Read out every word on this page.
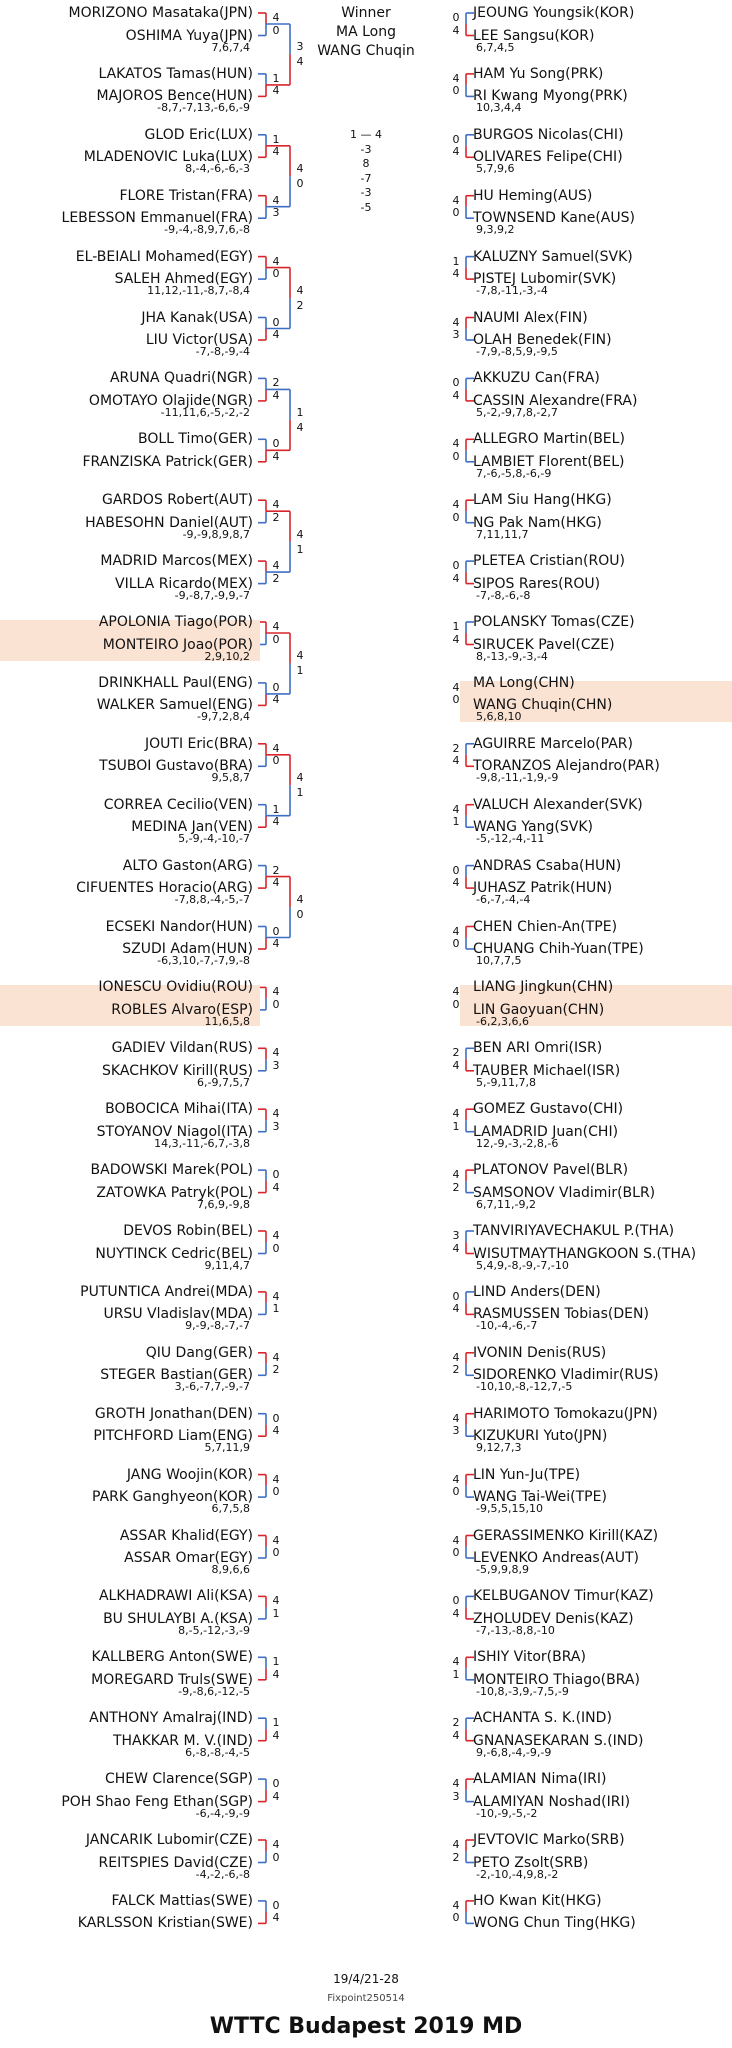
MORIZONO Masataka(JPN)
OSHIMA Yuya(JPN)
LAKATOS Tamas(HUN)
MAJOROS Bence(HUN)
GLOD Eric(LUX)
MLADENOVIC Luka(LUX)
FLORE Tristan(FRA)
LEBESSON Emmanuel(FRA)
EL-BEIALI Mohamed(EGY)
SALEH Ahmed(EGY)
JHA Kanak(USA)
LIU Victor(USA)
ARUNA Quadri(NGR)
OMOTAYO Olajide(NGR)
BOLL Timo(GER)
FRANZISKA Patrick(GER)
GARDOS Robert(AUT)
HABESOHN Daniel(AUT)
MADRID Marcos(MEX)
VILLA Ricardo(MEX)
APOLONIA Tiago(POR)
MONTEIRO Joao(POR)
DRINKHALL Paul(ENG)
WALKER Samuel(ENG)
JOUTI Eric(BRA)
TSUBOI Gustavo(BRA)
CORREA Cecilio(VEN)
MEDINA Jan(VEN)
ALTO Gaston(ARG)
CIFUENTES Horacio(ARG)
ECSEKI Nandor(HUN)
SZUDI Adam(HUN)
IONESCU Ovidiu(ROU)
ROBLES Alvaro(ESP)
GADIEV Vildan(RUS)
SKACHKOV Kirill(RUS)
BOBOCICA Mihai(ITA)
STOYANOV Niagol(ITA)
BADOWSKI Marek(POL)
ZATOWKA Patryk(POL)
DEVOS Robin(BEL)
NUYTINCK Cedric(BEL)
PUTUNTICA Andrei(MDA)
URSU Vladislav(MDA)
QIU Dang(GER)
STEGER Bastian(GER)
GROTH Jonathan(DEN)
PITCHFORD Liam(ENG)
JANG Woojin(KOR)
PARK Ganghyeon(KOR)
ASSAR Khalid(EGY)
ASSAR Omar(EGY)
ALKHADRAWI Ali(KSA)
BU SHULAYBI A.(KSA)
KALLBERG Anton(SWE)
MOREGARD Truls(SWE)
ANTHONY Amalraj(IND)
THAKKAR M. V.(IND)
CHEW Clarence(SGP)
POH Shao Feng Ethan(SGP)
JANCARIK Lubomir(CZE)
REITSPIES David(CZE)
FALCK Mattias(SWE)
KARLSSON Kristian(SWE)
JEOUNG Youngsik(KOR)
LEE Sangsu(KOR)
HAM Yu Song(PRK)
RI Kwang Myong(PRK)
BURGOS Nicolas(CHI)
OLIVARES Felipe(CHI)
HU Heming(AUS)
TOWNSEND Kane(AUS)
KALUZNY Samuel(SVK)
PISTEJ Lubomir(SVK)
NAUMI Alex(FIN)
OLAH Benedek(FIN)
AKKUZU Can(FRA)
CASSIN Alexandre(FRA)
ALLEGRO Martin(BEL)
LAMBIET Florent(BEL)
LAM Siu Hang(HKG)
NG Pak Nam(HKG)
PLETEA Cristian(ROU)
SIPOS Rares(ROU)
POLANSKY Tomas(CZE)
SIRUCEK Pavel(CZE)
MA Long(CHN)
WANG Chuqin(CHN)
AGUIRRE Marcelo(PAR)
TORANZOS Alejandro(PAR)
VALUCH Alexander(SVK)
WANG Yang(SVK)
ANDRAS Csaba(HUN)
JUHASZ Patrik(HUN)
CHEN Chien-An(TPE)
CHUANG Chih-Yuan(TPE)
LIANG Jingkun(CHN)
LIN Gaoyuan(CHN)
BEN ARI Omri(ISR)
TAUBER Michael(ISR)
GOMEZ Gustavo(CHI)
LAMADRID Juan(CHI)
PLATONOV Pavel(BLR)
SAMSONOV Vladimir(BLR)
TANVIRIYAVECHAKUL P.(THA)
WISUTMAYTHANGKOON S.(THA)
LIND Anders(DEN)
RASMUSSEN Tobias(DEN)
IVONIN Denis(RUS)
SIDORENKO Vladimir(RUS)
HARIMOTO Tomokazu(JPN)
KIZUKURI Yuto(JPN)
LIN Yun-Ju(TPE)
WANG Tai-Wei(TPE)
GERASSIMENKO Kirill(KAZ)
LEVENKO Andreas(AUT)
KELBUGANOV Timur(KAZ)
ZHOLUDEV Denis(KAZ)
ISHIY Vitor(BRA)
MONTEIRO Thiago(BRA)
ACHANTA S. K.(IND)
GNANASEKARAN S.(IND)
ALAMIAN Nima(IRI)
ALAMIYAN Noshad(IRI)
JEVTOVIC Marko(SRB)
PETO Zsolt(SRB)
HO Kwan Kit(HKG)
WONG Chun Ting(HKG)
4
0
7,6,7,4
1
4
-8,7,-7,13,-6,6,-9
1
4
8,-4,-6,-6,-3
4
3
-9,-4,-8,9,7,6,-8
4
0
11,12,-11,-8,7,-8,4
0
4
-7,-8,-9,-4
2
4
-11,11,6,-5,-2,-2
0
4
4
2
-9,-9,8,9,8,7
4
2
-9,-8,7,-9,9,-7
4
0
2,9,10,2
0
4
-9,7,2,8,4
4
0
9,5,8,7
1
4
5,-9,-4,-10,-7
2
4
-7,8,8,-4,-5,-7
0
4
-6,3,10,-7,-7,9,-8
4
0
11,6,5,8
4
3
6,-9,7,5,7
4
3
14,3,-11,-6,7,-3,8
0
4
7,6,9,-9,8
4
0
9,11,4,7
4
1
9,-9,-8,-7,-7
4
2
3,-6,-7,7,-9,-7
0
4
5,7,11,9
4
0
6,7,5,8
4
0
8,9,6,6
4
1
8,-5,-12,-3,-9
1
4
-9,-8,6,-12,-5
1
4
6,-8,-8,-4,-5
0
4
-6,-4,-9,-9
4
0
-4,-2,-6,-8
0
4
0
4
6,7,4,5
4
0
10,3,4,4
0
4
5,7,9,6
4
0
9,3,9,2
1
4
-7,8,-11,-3,-4
4
3
-7,9,-8,5,9,-9,5
0
4
5,-2,-9,7,8,-2,7
4
0
7,-6,-5,8,-6,-9
4
0
7,11,11,7
0
4
-7,-8,-6,-8
1
4
8,-13,-9,-3,-4
4
0
5,6,8,10
2
4
-9,8,-11,-1,9,-9
4
1
-5,-12,-4,-11
0
4
-6,-7,-4,-4
4
0
10,7,7,5
4
0
-6,2,3,6,6
2
4
5,-9,11,7,8
4
1
12,-9,-3,-2,8,-6
4
2
6,7,11,-9,2
3
4
5,4,9,-8,-9,-7,-10
0
4
-10,-4,-6,-7
4
2
-10,10,-8,-12,7,-5
4
3
9,12,7,3
4
0
-9,5,5,15,10
4
0
-5,9,9,8,9
0
4
-7,-13,-8,8,-10
4
1
-10,8,-3,9,-7,5,-9
2
4
9,-6,8,-4,-9,-9
4
3
-10,-9,-5,-2
4
2
-2,-10,-4,9,8,-2
4
0
3
4
4
0
4
2
1
4
4
1
4
1
4
1
4
0
Winner
MA Long
WANG Chuqin
1 — 4
-3
8
-7
-3
-5
19/4/21-28
Fixpoint250514
WTTC Budapest 2019 MD
